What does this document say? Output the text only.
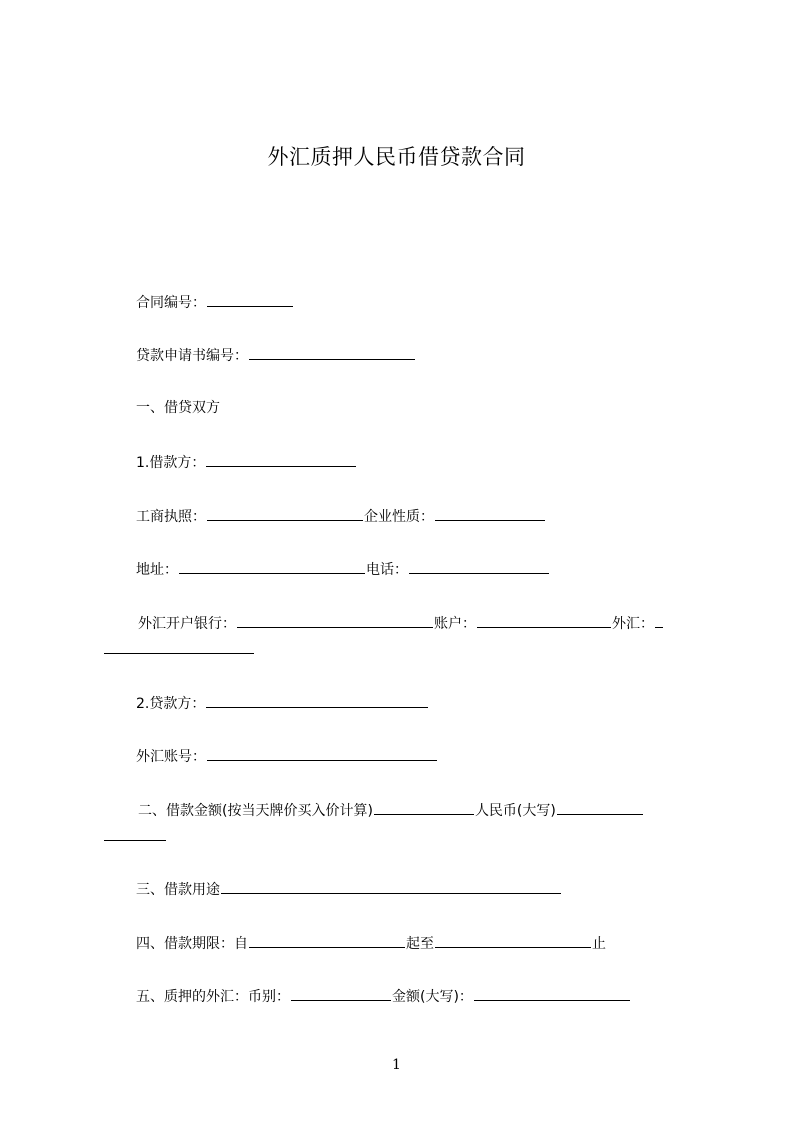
外汇质押人民币借贷款合同
合同编号：
贷款申请书编号：
一、借贷双方
1.借款方：
工商执照：	企业性质：
地址：	电话：
外汇开户银行：	账户：	外汇：
2.贷款方：
外汇账号：
二、借款金额(按当天牌价买入价计算)	人民币(大写)
三、借款用途
四、借款期限：自	起至	止
五、质押的外汇：币别：	金额(大写)：
1
